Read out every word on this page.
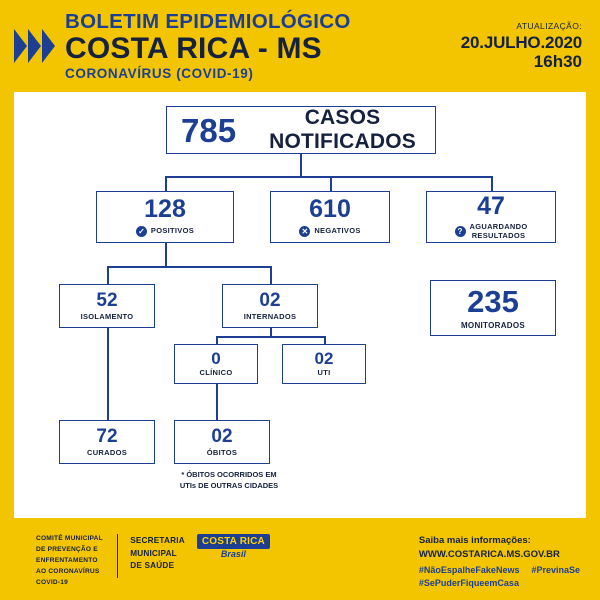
BOLETIM EPIDEMIOLÓGICO
COSTA RICA - MS
CORONAVÍRUS (COVID-19)
ATUALIZAÇÃO:
20.JULHO.2020
16h30
785	CASOS NOTIFICADOS
128
✓ POSITIVOS
610
✕ NEGATIVOS
47
?
AGUARDANDO
RESULTADOS
52
ISOLAMENTO
02
INTERNADOS	235
MONITORADOS
0
CLÍNICO
02
UTI
72
CURADOS
02
ÓBITOS
* ÓBITOS OCORRIDOS EM
UTIs DE OUTRAS CIDADES
COMITÊ MUNICIPAL
DE PREVENÇÃO E
ENFRENTAMENTO
AO CORONAVÍRUS
COVID-19
SECRETARIA
MUNICIPAL
DE SAÚDE
COSTA RICA
Brasil
Saiba mais informações:
WWW.COSTARICA.MS.GOV.BR
#NãoEspalheFakeNews #PrevinaSe
#SePuderFiqueemCasa
